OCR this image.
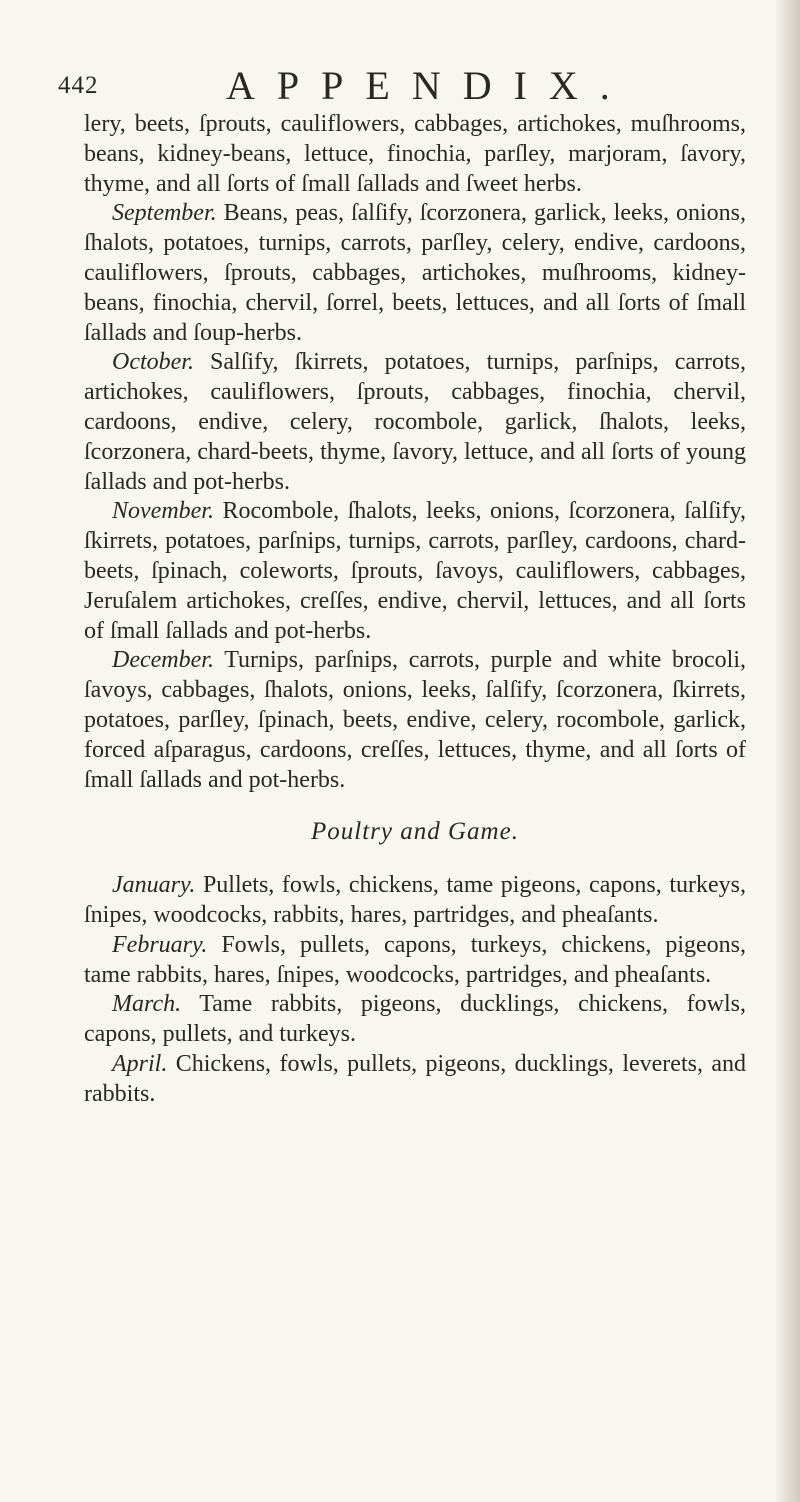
442	APPENDIX.

lery, beets, ſprouts, cauliflowers, cabbages, artichokes, muſhrooms, beans, kidney-beans, lettuce, finochia, parſley, marjoram, ſavory, thyme, and all ſorts of ſmall ſallads and ſweet herbs.

September. Beans, peas, ſalſify, ſcorzonera, garlick, leeks, onions, ſhalots, potatoes, turnips, carrots, parſley, celery, endive, cardoons, cauliflowers, ſprouts, cabbages, artichokes, muſhrooms, kidney-beans, finochia, chervil, ſorrel, beets, lettuces, and all ſorts of ſmall ſallads and ſoup-herbs.

October. Salſify, ſkirrets, potatoes, turnips, parſnips, carrots, artichokes, cauliflowers, ſprouts, cabbages, finochia, chervil, cardoons, endive, celery, rocombole, garlick, ſhalots, leeks, ſcorzonera, chard-beets, thyme, ſavory, lettuce, and all ſorts of young ſallads and pot-herbs.

November. Rocombole, ſhalots, leeks, onions, ſcorzonera, ſalſify, ſkirrets, potatoes, parſnips, turnips, carrots, parſley, cardoons, chard-beets, ſpinach, coleworts, ſprouts, ſavoys, cauliflowers, cabbages, Jeruſalem artichokes, creſſes, endive, chervil, lettuces, and all ſorts of ſmall ſallads and pot-herbs.

December. Turnips, parſnips, carrots, purple and white brocoli, ſavoys, cabbages, ſhalots, onions, leeks, ſalſify, ſcorzonera, ſkirrets, potatoes, parſley, ſpinach, beets, endive, celery, rocombole, garlick, forced aſparagus, cardoons, creſſes, lettuces, thyme, and all ſorts of ſmall ſallads and pot-herbs.

Poultry and Game.

January. Pullets, fowls, chickens, tame pigeons, capons, turkeys, ſnipes, woodcocks, rabbits, hares, partridges, and pheaſants.

February. Fowls, pullets, capons, turkeys, chickens, pigeons, tame rabbits, hares, ſnipes, woodcocks, partridges, and pheaſants.

March. Tame rabbits, pigeons, ducklings, chickens, fowls, capons, pullets, and turkeys.

April. Chickens, fowls, pullets, pigeons, ducklings, leverets, and rabbits.
